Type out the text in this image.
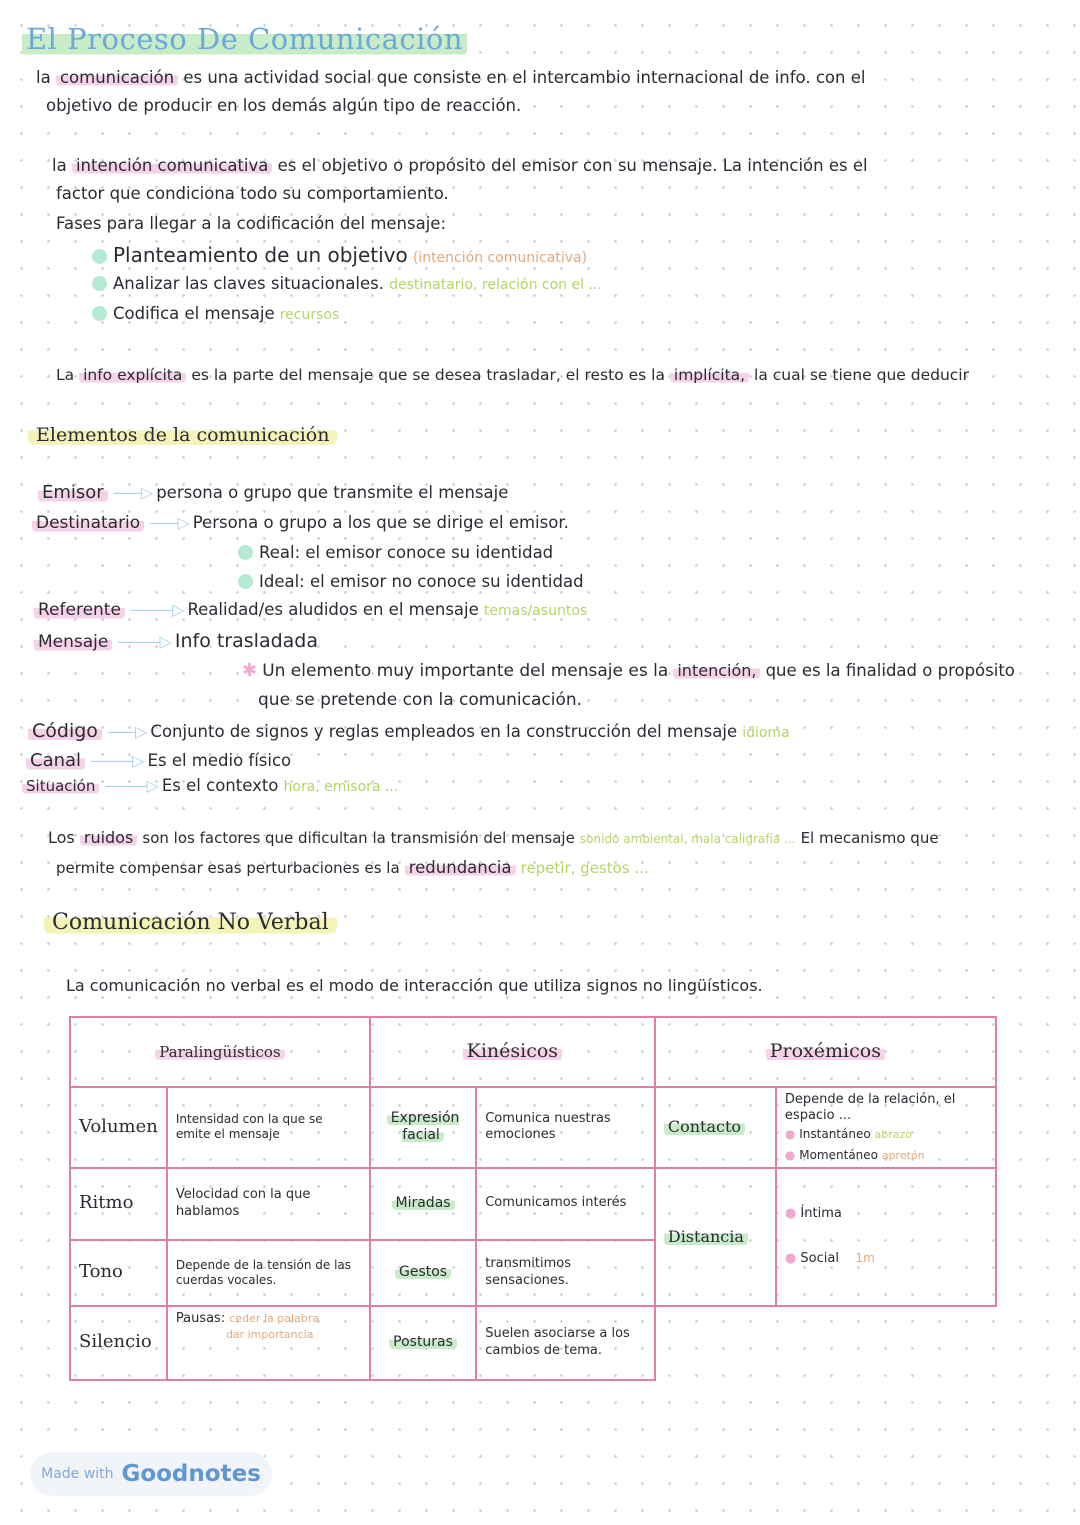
El Proceso De Comunicación
la comunicación es una actividad social que consiste en el intercambio internacional de info. con el
objetivo de producir en los demás algún tipo de reacción.
la intención comunicativa es el objetivo o propósito del emisor con su mensaje. La intención es el
factor que condiciona todo su comportamiento.
Fases para llegar a la codificación del mensaje:
Planteamiento de un objetivo (intención comunicativa)
Analizar las claves situacionales. destinatario, relación con el ...
Codifica el mensaje recursos
La info explícita es la parte del mensaje que se desea trasladar, el resto es la implícita, la cual se tiene que deducir
Elementos de la comunicación
Emisor ——▷ persona o grupo que transmite el mensaje
Destinatario ——▷ Persona o grupo a los que se dirige el emisor.
Real: el emisor conoce su identidad
Ideal: el emisor no conoce su identidad
Referente ———▷ Realidad/es aludidos en el mensaje temas/asuntos
Mensaje ———▷ Info trasladada
✱ Un elemento muy importante del mensaje es la intención, que es la finalidad o propósito
que se pretende con la comunicación.
Código ——▷ Conjunto de signos y reglas empleados en la construcción del mensaje idioma
Canal ———▷ Es el medio físico
Situación ———▷ Es el contexto hora, emisora ...
Los ruidos son los factores que dificultan la transmisión del mensaje sonido ambiental, mala caligrafía ... El mecanismo que
permite compensar esas perturbaciones es la redundancia repetir, gestos ...
Comunicación No Verbal
La comunicación no verbal es el modo de interacción que utiliza signos no lingüísticos.
Paralingüísticos		Kinésicos		Proxémicos	
Volumen	Intensidad con la que se emite el mensaje	Expresión facial	Comunica nuestras emociones	Contacto	Depende de la relación, el espacio ...
● Instantáneo abrazo
● Momentáneo apretón

Ritmo	Velocidad con la que hablamos	Miradas	Comunicamos interés	Distancia	● Íntima
● Social 1m

Tono	Depende de la tensión de las cuerdas vocales.	Gestos	transmitimos sensaciones.		
Silencio	Pausas: ceder la palabra
dar importancia	Posturas	Suelen asociarse a los cambios de tema.		
Made with Goodnotes
